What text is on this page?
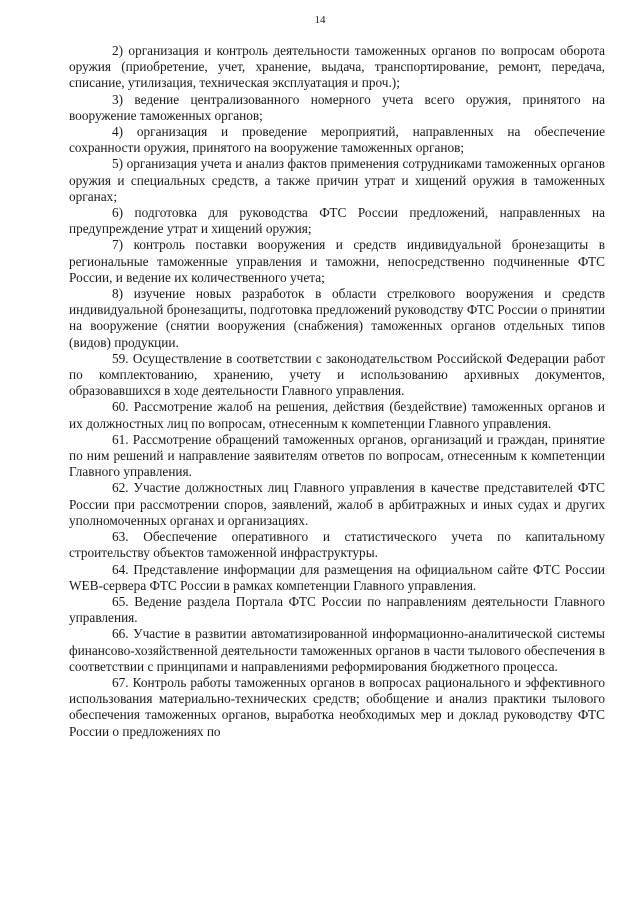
14

2) организация и контроль деятельности таможенных органов по вопросам оборота оружия (приобретение, учет, хранение, выдача, транспортирование, ремонт, передача, списание, утилизация, техническая эксплуатация и проч.);

3) ведение централизованного номерного учета всего оружия, принятого на вооружение таможенных органов;

4) организация и проведение мероприятий, направленных на обеспечение сохранности оружия, принятого на вооружение таможенных органов;

5) организация учета и анализ фактов применения сотрудниками таможенных органов оружия и специальных средств, а также причин утрат и хищений оружия в таможенных органах;

6) подготовка для руководства ФТС России предложений, направленных на предупреждение утрат и хищений оружия;

7) контроль поставки вооружения и средств индивидуальной бронезащиты в региональные таможенные управления и таможни, непосредственно подчиненные ФТС России, и ведение их количественного учета;

8) изучение новых разработок в области стрелкового вооружения и средств индивидуальной бронезащиты, подготовка предложений руководству ФТС России о принятии на вооружение (снятии вооружения (снабжения) таможенных органов отдельных типов (видов) продукции.

59. Осуществление в соответствии с законодательством Российской Федерации работ по комплектованию, хранению, учету и использованию архивных документов, образовавшихся в ходе деятельности Главного управления.

60. Рассмотрение жалоб на решения, действия (бездействие) таможенных органов и их должностных лиц по вопросам, отнесенным к компетенции Главного управления.

61. Рассмотрение обращений таможенных органов, организаций и граждан, принятие по ним решений и направление заявителям ответов по вопросам, отнесенным к компетенции Главного управления.

62. Участие должностных лиц Главного управления в качестве представителей ФТС России при рассмотрении споров, заявлений, жалоб в арбитражных и иных судах и других уполномоченных органах и организациях.

63. Обеспечение оперативного и статистического учета по капитальному строительству объектов таможенной инфраструктуры.

64. Представление информации для размещения на официальном сайте ФТС России WEB-сервера ФТС России в рамках компетенции Главного управления.

65. Ведение раздела Портала ФТС России по направлениям деятельности Главного управления.

66. Участие в развитии автоматизированной информационно-аналитической системы финансово-хозяйственной деятельности таможенных органов в части тылового обеспечения в соответствии с принципами и направлениями реформирования бюджетного процесса.

67. Контроль работы таможенных органов в вопросах рационального и эффективного использования материально-технических средств; обобщение и анализ практики тылового обеспечения таможенных органов, выработка необходимых мер и доклад руководству ФТС России о предложениях по
